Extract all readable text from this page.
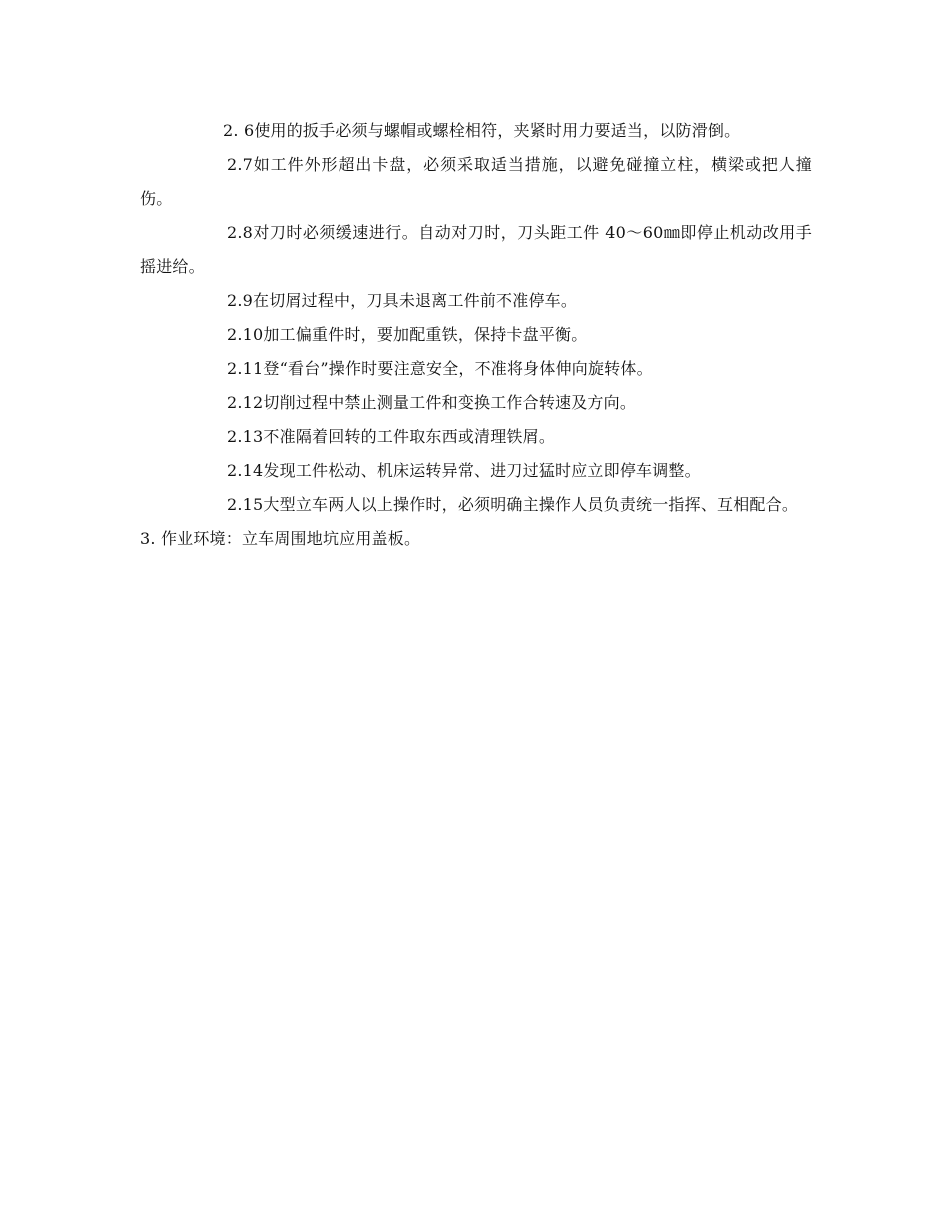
2. 6使用的扳手必须与螺帽或螺栓相符，夹紧时用力要适当，以防滑倒。

2.7如工件外形超出卡盘，必须采取适当措施，以避免碰撞立柱，横梁或把人撞伤。

2.8对刀时必须缓速进行。自动对刀时，刀头距工件 40～60㎜即停止机动改用手摇进给。

2.9在切屑过程中，刀具未退离工件前不准停车。

2.10加工偏重件时，要加配重铁，保持卡盘平衡。

2.11登“看台”操作时要注意安全，不准将身体伸向旋转体。

2.12切削过程中禁止测量工件和变换工作合转速及方向。

2.13不准隔着回转的工件取东西或清理铁屑。

2.14发现工件松动、机床运转异常、进刀过猛时应立即停车调整。

2.15大型立车两人以上操作时，必须明确主操作人员负责统一指挥、互相配合。

3. 作业环境：立车周围地坑应用盖板。
